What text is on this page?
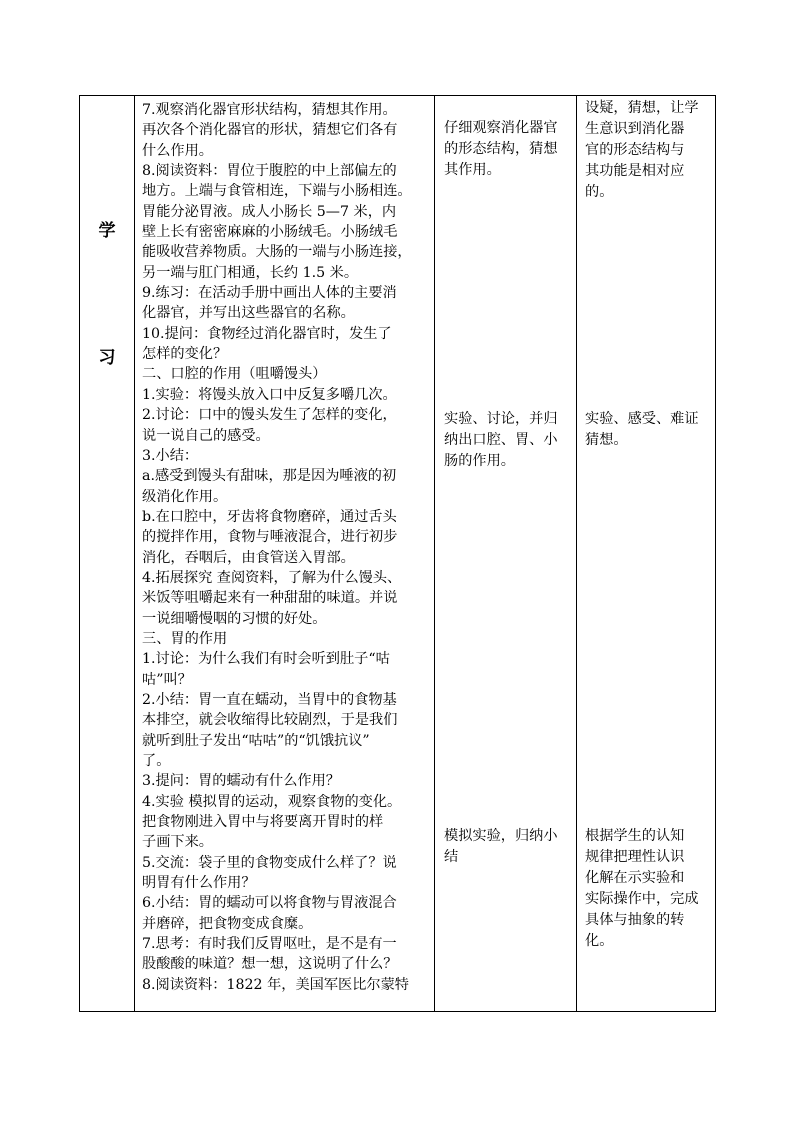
学
习
7.观察消化器官形状结构，猜想其作用。
再次各个消化器官的形状，猜想它们各有
什么作用。
8.阅读资料：胃位于腹腔的中上部偏左的
地方。上端与食管相连，下端与小肠相连。
胃能分泌胃液。成人小肠长 5—7 米，内
壁上长有密密麻麻的小肠绒毛。小肠绒毛
能吸收营养物质。大肠的一端与小肠连接，
另一端与肛门相通，长约 1.5 米。
9.练习：在活动手册中画出人体的主要消
化器官，并写出这些器官的名称。
10.提问：食物经过消化器官时，发生了
怎样的变化？
二、口腔的作用（咀嚼馒头）
1.实验：将馒头放入口中反复多嚼几次。
2.讨论：口中的馒头发生了怎样的变化，
说一说自己的感受。
3.小结：
a.感受到馒头有甜味，那是因为唾液的初
级消化作用。
b.在口腔中，牙齿将食物磨碎，通过舌头
的搅拌作用，食物与唾液混合，进行初步
消化，吞咽后，由食管送入胃部。
4.拓展探究 查阅资料，了解为什么馒头、
米饭等咀嚼起来有一种甜甜的味道。并说
一说细嚼慢咽的习惯的好处。
三、胃的作用
1.讨论：为什么我们有时会听到肚子“咕
咕”叫？
2.小结：胃一直在蠕动，当胃中的食物基
本排空，就会收缩得比较剧烈，于是我们
就听到肚子发出“咕咕”的“饥饿抗议”
了。
3.提问：胃的蠕动有什么作用？
4.实验 模拟胃的运动，观察食物的变化。
把食物刚进入胃中与将要离开胃时的样
子画下来。
5.交流：袋子里的食物变成什么样了？说
明胃有什么作用？
6.小结：胃的蠕动可以将食物与胃液混合
并磨碎，把食物变成食糜。
7.思考：有时我们反胃呕吐，是不是有一
股酸酸的味道？想一想，这说明了什么？
8.阅读资料：1822 年，美国军医比尔蒙特
仔细观察消化器官
的形态结构，猜想
其作用。
实验、讨论，并归
纳出口腔、胃、小
肠的作用。
模拟实验，归纳小
结
设疑，猜想，让学
生意识到消化器
官的形态结构与
其功能是相对应
的。
实验、感受、难证
猜想。
根据学生的认知
规律把理性认识
化解在示实验和
实际操作中，完成
具体与抽象的转
化。
